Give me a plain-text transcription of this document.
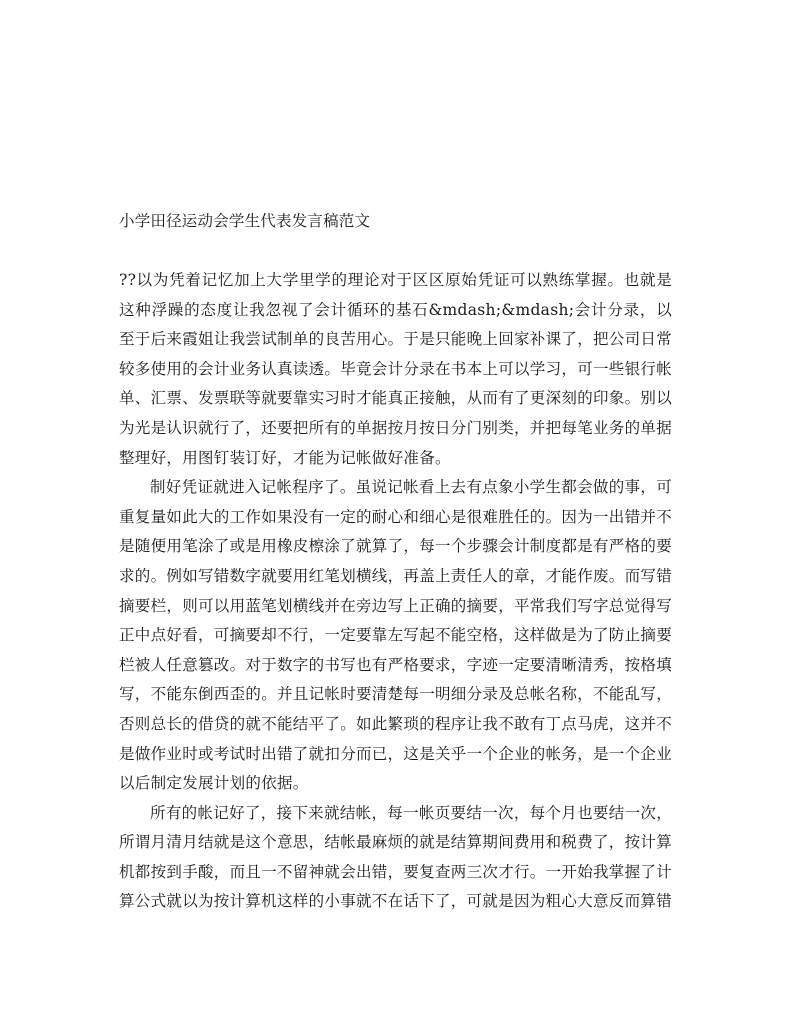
小学田径运动会学生代表发言稿范文

??以为凭着记忆加上大学里学的理论对于区区原始凭证可以熟练掌握。也就是这种浮躁的态度让我忽视了会计循环的基石&mdash;&mdash;会计分录，以至于后来霞姐让我尝试制单的良苦用心。于是只能晚上回家补课了，把公司日常较多使用的会计业务认真读透。毕竟会计分录在书本上可以学习，可一些银行帐单、汇票、发票联等就要靠实习时才能真正接触，从而有了更深刻的印象。别以为光是认识就行了，还要把所有的单据按月按日分门别类，并把每笔业务的单据整理好，用图钉装订好，才能为记帐做好准备。

制好凭证就进入记帐程序了。虽说记帐看上去有点象小学生都会做的事，可重复量如此大的工作如果没有一定的耐心和细心是很难胜任的。因为一出错并不是随便用笔涂了或是用橡皮檫涂了就算了，每一个步骤会计制度都是有严格的要求的。例如写错数字就要用红笔划横线，再盖上责任人的章，才能作废。而写错摘要栏，则可以用蓝笔划横线并在旁边写上正确的摘要，平常我们写字总觉得写正中点好看，可摘要却不行，一定要靠左写起不能空格，这样做是为了防止摘要栏被人任意篡改。对于数字的书写也有严格要求，字迹一定要清晰清秀，按格填写，不能东倒西歪的。并且记帐时要清楚每一明细分录及总帐名称，不能乱写，否则总长的借贷的就不能结平了。如此繁琐的程序让我不敢有丁点马虎，这并不是做作业时或考试时出错了就扣分而已，这是关乎一个企业的帐务，是一个企业以后制定发展计划的依据。

所有的帐记好了，接下来就结帐，每一帐页要结一次，每个月也要结一次，所谓月清月结就是这个意思，结帐最麻烦的就是结算期间费用和税费了，按计算机都按到手酸，而且一不留神就会出错，要复查两三次才行。一开始我掌握了计算公式就以为按计算机这样的小事就不在话下了，可就是因为粗心大意反而算错
